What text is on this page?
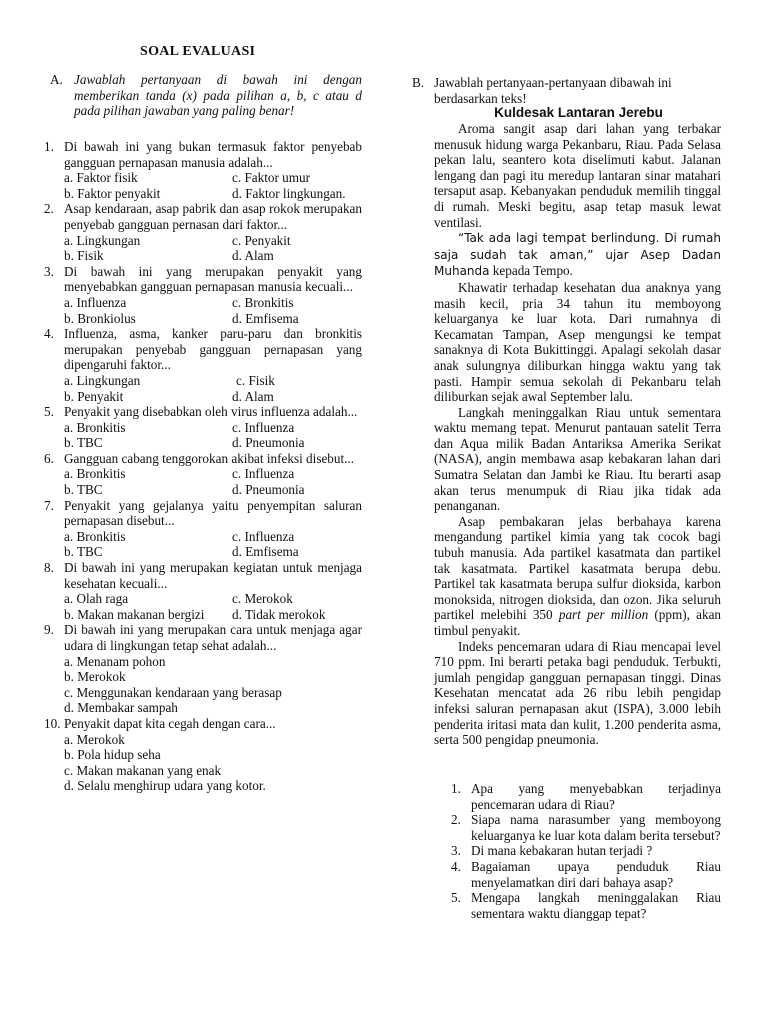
SOAL EVALUASI
A. Jawablah pertanyaan di bawah ini dengan memberikan tanda (x) pada pilihan a, b, c atau d pada pilihan jawaban yang paling benar!
1. Di bawah ini yang bukan termasuk faktor penyebab gangguan pernapasan manusia adalah...
a. Faktor fisik	c. Faktor umur
b. Faktor penyakit	d. Faktor lingkungan.
2. Asap kendaraan, asap pabrik dan asap rokok merupakan penyebab gangguan pernasan dari faktor...
a. Lingkungan	c. Penyakit
b. Fisik	d. Alam
3. Di bawah ini yang merupakan penyakit yang menyebabkan gangguan pernapasan manusia kecuali...
a. Influenza	c. Bronkitis
b. Bronkiolus	d. Emfisema
4. Influenza, asma, kanker paru-paru dan bronkitis merupakan penyebab gangguan pernapasan yang dipengaruhi faktor...
a. Lingkungan	c. Fisik
b. Penyakit	d. Alam
5. Penyakit yang disebabkan oleh virus influenza adalah...
a. Bronkitis	c. Influenza
b. TBC	d. Pneumonia
6. Gangguan cabang tenggorokan akibat infeksi disebut...
a. Bronkitis	c. Influenza
b. TBC	d. Pneumonia
7. Penyakit yang gejalanya yaitu penyempitan saluran pernapasan disebut...
a. Bronkitis	c. Influenza
b. TBC	d. Emfisema
8. Di bawah ini yang merupakan kegiatan untuk menjaga kesehatan kecuali...
a. Olah raga	c. Merokok
b. Makan makanan bergizi d. Tidak merokok
9. Di bawah ini yang merupakan cara untuk menjaga agar udara di lingkungan tetap sehat adalah...
a. Menanam pohon
b. Merokok
c. Menggunakan kendaraan yang berasap
d. Membakar sampah
10. Penyakit dapat kita cegah dengan cara...
a. Merokok
b. Pola hidup seha
c. Makan makanan yang enak
d. Selalu menghirup udara yang kotor.
B. Jawablah pertanyaan-pertanyaan dibawah ini berdasarkan teks!
Kuldesak Lantaran Jerebu

Aroma sangit asap dari lahan yang terbakar menusuk hidung warga Pekanbaru, Riau. Pada Selasa pekan lalu, seantero kota diselimuti kabut. Jalanan lengang dan pagi itu meredup lantaran sinar matahari tersaput asap. Kebanyakan penduduk memilih tinggal di rumah. Meski begitu, asap tetap masuk lewat ventilasi.

“Tak ada lagi tempat berlindung. Di rumah saja sudah tak aman,” ujar Asep Dadan Muhanda kepada Tempo.

Khawatir terhadap kesehatan dua anaknya yang masih kecil, pria 34 tahun itu memboyong keluarganya ke luar kota. Dari rumahnya di Kecamatan Tampan, Asep mengungsi ke tempat sanaknya di Kota Bukittinggi. Apalagi sekolah dasar anak sulungnya diliburkan hingga waktu yang tak pasti. Hampir semua sekolah di Pekanbaru telah diliburkan sejak awal September lalu.

Langkah meninggalkan Riau untuk sementara waktu memang tepat. Menurut pantauan satelit Terra dan Aqua milik Badan Antariksa Amerika Serikat (NASA), angin membawa asap kebakaran lahan dari Sumatra Selatan dan Jambi ke Riau. Itu berarti asap akan terus menumpuk di Riau jika tidak ada penanganan.

Asap pembakaran jelas berbahaya karena mengandung partikel kimia yang tak cocok bagi tubuh manusia. Ada partikel kasatmata dan partikel tak kasatmata. Partikel kasatmata berupa debu. Partikel tak kasatmata berupa sulfur dioksida, karbon monoksida, nitrogen dioksida, dan ozon. Jika seluruh partikel melebihi 350 part per million (ppm), akan timbul penyakit.

Indeks pencemaran udara di Riau mencapai level 710 ppm. Ini berarti petaka bagi penduduk. Terbukti, jumlah pengidap gangguan pernapasan tinggi. Dinas Kesehatan mencatat ada 26 ribu lebih pengidap infeksi saluran pernapasan akut (ISPA), 3.000 lebih penderita iritasi mata dan kulit, 1.200 penderita asma, serta 500 pengidap pneumonia.

1. Apa yang menyebabkan terjadinya pencemaran udara di Riau?
2. Siapa nama narasumber yang memboyong keluarganya ke luar kota dalam berita tersebut?
3. Di mana kebakaran hutan terjadi ?
4. Bagaiaman upaya penduduk Riau menyelamatkan diri dari bahaya asap?
5. Mengapa langkah meninggalakan Riau sementara waktu dianggap tepat?
